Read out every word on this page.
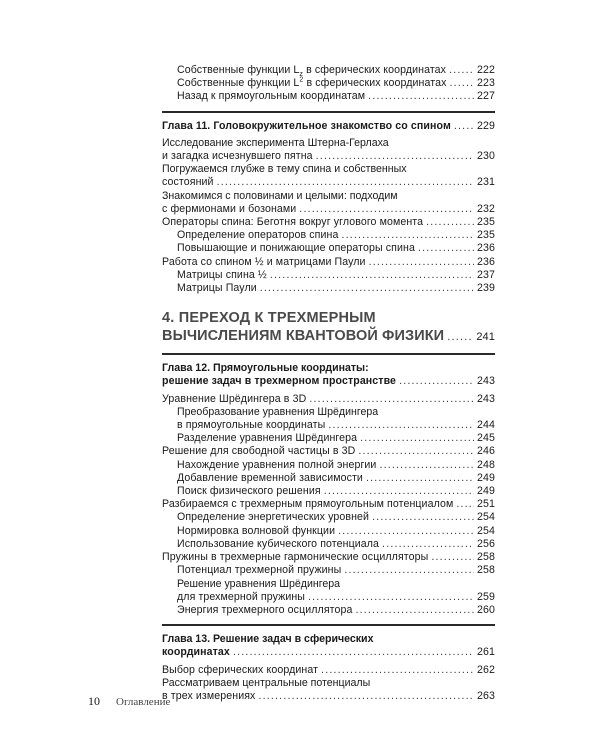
Собственные функции $L_z$ в сферических координатах .....	222
Собственные функции $L^2$ в сферических координатах .....	223
Назад к прямоугольным координатам .....	227
Глава 11. Головокружительное знакомство со спином ..... 229
Исследование эксперимента Штерна-Герлаха
и загадка исчезнувшего пятна .....	230
Погружаемся глубже в тему спина и собственных
состояний .....	231
Знакомимся с половинами и целыми: подходим
с фермионами и бозонами .....	232
Операторы спина: Беготня вокруг углового момента .....	235
Определение операторов спина .....	235
Повышающие и понижающие операторы спина .....	236
Работа со спином ½ и матрицами Паули .....	236
Матрицы спина ½ .....	237
Матрицы Паули .....	239
4. ПЕРЕХОД К ТРЕХМЕРНЫМ
ВЫЧИСЛЕНИЯМ КВАНТОВОЙ ФИЗИКИ .....	241
Глава 12. Прямоугольные координаты:
решение задач в трехмерном пространстве .....	243
Уравнение Шрёдингера в 3D .....	243
Преобразование уравнения Шрёдингера
в прямоугольные координаты .....	244
Разделение уравнения Шрёдингера .....	245
Решение для свободной частицы в 3D .....	246
Нахождение уравнения полной энергии .....	248
Добавление временной зависимости .....	249
Поиск физического решения .....	249
Разбираемся с трехмерным прямоугольным потенциалом ..... 251
Определение энергетических уровней .....	254
Нормировка волновой функции .....	254
Использование кубического потенциала .....	256
Пружины в трехмерные гармонические осцилляторы .....	258
Потенциал трехмерной пружины .....	258
Решение уравнения Шрёдингера
для трехмерной пружины .....	259
Энергия трехмерного осциллятора .....	260
Глава 13. Решение задач в сферических
координатах .....	261
Выбор сферических координат .....	262
Рассматриваем центральные потенциалы
в трех измерениях .....	263
10 Оглавление
